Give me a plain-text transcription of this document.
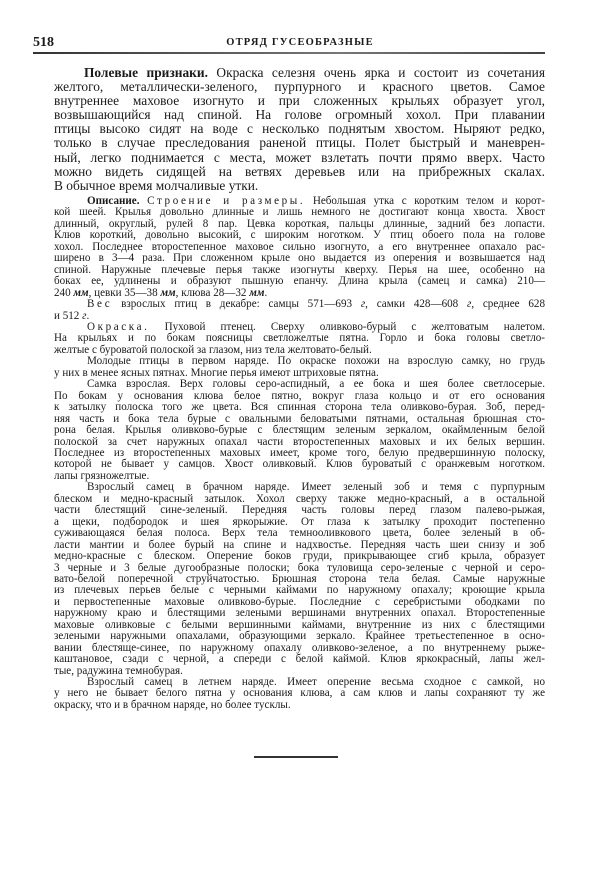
518	ОТРЯД ГУСЕОБРАЗНЫЕ
Полевые признаки. Окраска селезня очень ярка и состоит из сочетания
желтого, металлически-зеленого, пурпурного и красного цветов. Самое
внутреннее маховое изогнуто и при сложенных крыльях образует угол,
возвышающийся над спиной. На голове огромный хохол. При плавании
птицы высоко сидят на воде с несколько поднятым хвостом. Ныряют редко,
только в случае преследования раненой птицы. Полет быстрый и маневрен-
ный, легко поднимается с места, может взлетать почти прямо вверх. Часто
можно видеть сидящей на ветвях деревьев или на прибрежных скалах.
В обычное время молчаливые утки.
Описание. Строение и размеры. Небольшая утка с коротким телом и корот-
кой шеей. Крылья довольно длинные и лишь немного не достигают конца хвоста. Хвост
длинный, округлый, рулей 8 пар. Цевка короткая, пальцы длинные, задний без лопасти.
Клюв короткий, довольно высокий, с широким ноготком. У птиц обоего пола на голове
хохол. Последнее второстепенное маховое сильно изогнуто, а его внутреннее опахало рас-
ширено в 3—4 раза. При сложенном крыле оно выдается из оперения и возвышается над
спиной. Наружные плечевые перья также изогнуты кверху. Перья на шее, особенно на
боках ее, удлинены и образуют пышную епанчу. Длина крыла (самец и самка) 210—
240 мм, цевки 35—38 мм, клюва 28—32 мм.
Вес взрослых птиц в декабре: самцы 571—693 г, самки 428—608 г, среднее 628
и 512 г.
Окраска. Пуховой птенец. Сверху оливково-бурый с желтоватым налетом.
На крыльях и по бокам поясницы светложелтые пятна. Горло и бока головы светло-
желтые с буроватой полоской за глазом, низ тела желтовато-белый.
Молодые птицы в первом наряде. По окраске похожи на взрослую самку, но грудь
у них в менее ясных пятнах. Многие перья имеют штриховые пятна.
Самка взрослая. Верх головы серо-аспидный, а ее бока и шея более светлосерые.
По бокам у основания клюва белое пятно, вокруг глаза кольцо и от его основания
к затылку полоска того же цвета. Вся спинная сторона тела оливково-бурая. Зоб, перед-
няя часть и бока тела бурые с овальными беловатыми пятнами, остальная брюшная сто-
рона белая. Крылья оливково-бурые с блестящим зеленым зеркалом, окаймленным белой
полоской за счет наружных опахал части второстепенных маховых и их белых вершин.
Последнее из второстепенных маховых имеет, кроме того, белую предвершинную полоску,
которой не бывает у самцов. Хвост оливковый. Клюв буроватый с оранжевым ноготком.
лапы грязножелтые.
Взрослый самец в брачном наряде. Имеет зеленый зоб и темя с пурпурным
блеском и медно-красный затылок. Хохол сверху также медно-красный, а в остальной
части блестящий сине-зеленый. Передняя часть головы перед глазом палево-рыжая,
а щеки, подбородок и шея яркорыжие. От глаза к затылку проходит постепенно
суживающаяся белая полоса. Верх тела темнооливкового цвета, более зеленый в об-
ласти мантии и более бурый на спине и надхвостье. Передняя часть шеи снизу и зоб
медно-красные с блеском. Оперение боков груди, прикрывающее сгиб крыла, образует
3 черные и 3 белые дугообразные полоски; бока туловища серо-зеленые с черной и серо-
вато-белой поперечной струйчатостью. Брюшная сторона тела белая. Самые наружные
из плечевых перьев белые с черными каймами по наружному опахалу; кроющие крыла
и первостепенные маховые оливково-бурые. Последние с серебристыми ободками по
наружному краю и блестящими зелеными вершинами внутренних опахал. Второстепенные
маховые оливковые с белыми вершинными каймами, внутренние из них с блестящими
зелеными наружными опахалами, образующими зеркало. Крайнее третьестепенное в осно-
вании блестяще-синее, по наружному опахалу оливково-зеленое, а по внутреннему рыже-
каштановое, сзади с черной, а спереди с белой каймой. Клюв яркокрасный, лапы жел-
тые, радужина темнобурая.
Взрослый самец в летнем наряде. Имеет оперение весьма сходное с самкой, но
у него не бывает белого пятна у основания клюва, а сам клюв и лапы сохраняют ту же
окраску, что и в брачном наряде, но более тусклы.
